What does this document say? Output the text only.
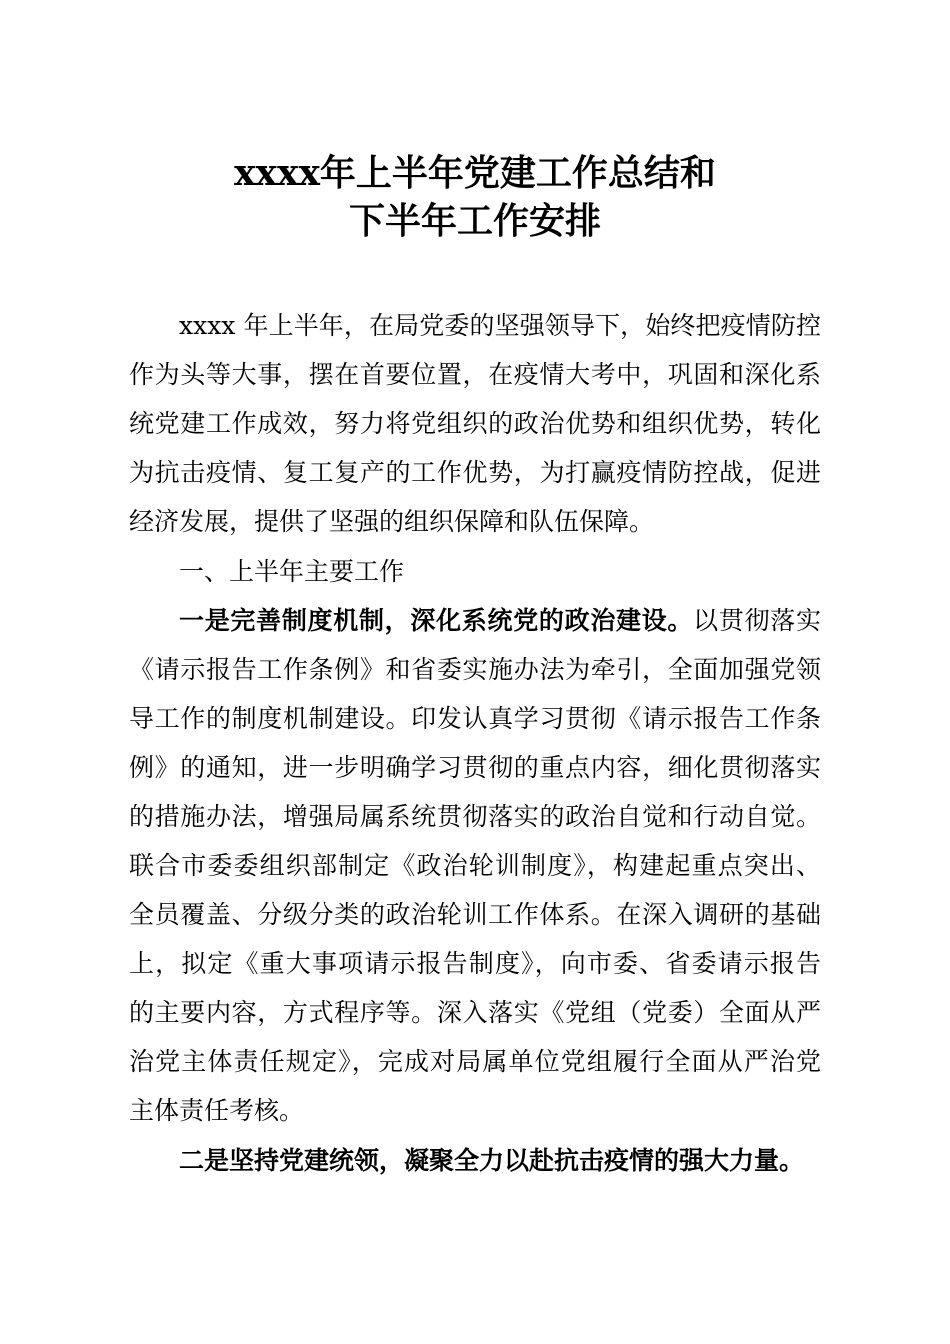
xxxx年上半年党建工作总结和
下半年工作安排
xxxx 年上半年，在局党委的坚强领导下，始终把疫情防控
作为头等大事，摆在首要位置，在疫情大考中，巩固和深化系
统党建工作成效，努力将党组织的政治优势和组织优势，转化
为抗击疫情、复工复产的工作优势，为打赢疫情防控战，促进
经济发展，提供了坚强的组织保障和队伍保障。
一、上半年主要工作
一是完善制度机制，深化系统党的政治建设。以贯彻落实
《请示报告工作条例》和省委实施办法为牵引，全面加强党领
导工作的制度机制建设。印发认真学习贯彻《请示报告工作条
例》的通知，进一步明确学习贯彻的重点内容，细化贯彻落实
的措施办法，增强局属系统贯彻落实的政治自觉和行动自觉。
联合市委委组织部制定《政治轮训制度》，构建起重点突出、
全员覆盖、分级分类的政治轮训工作体系。在深入调研的基础
上，拟定《重大事项请示报告制度》，向市委、省委请示报告
的主要内容，方式程序等。深入落实《党组（党委）全面从严
治党主体责任规定》，完成对局属单位党组履行全面从严治党
主体责任考核。
二是坚持党建统领，凝聚全力以赴抗击疫情的强大力量。
